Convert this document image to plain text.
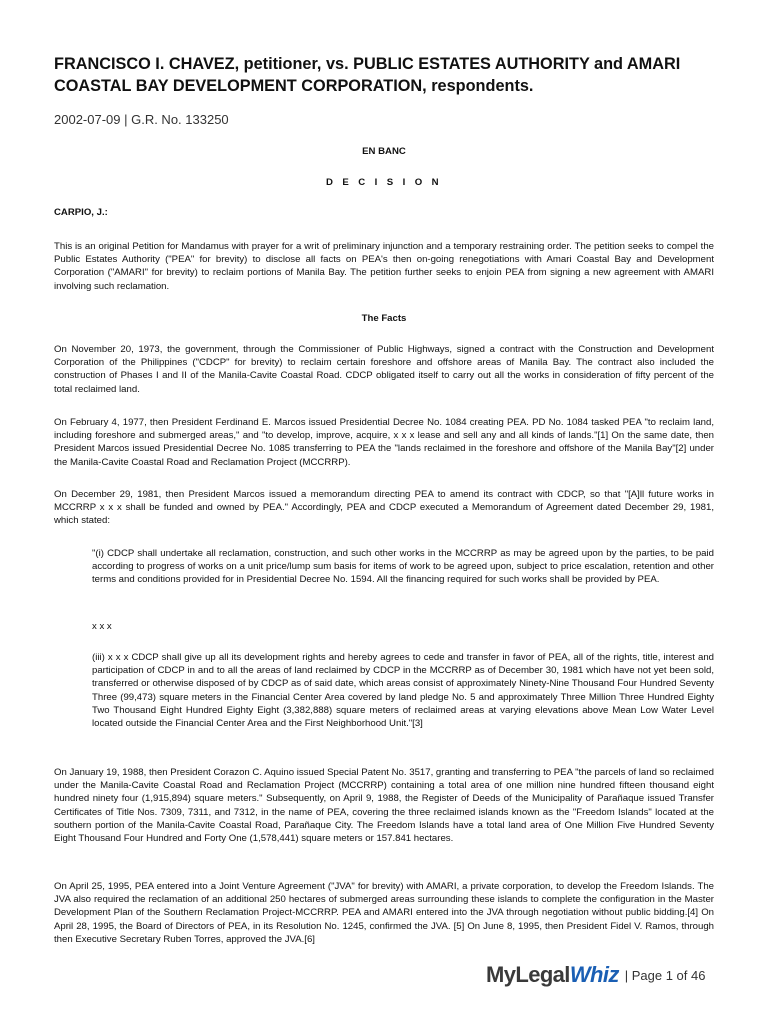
FRANCISCO I. CHAVEZ, petitioner, vs. PUBLIC ESTATES AUTHORITY and AMARI COASTAL BAY DEVELOPMENT CORPORATION, respondents.
2002-07-09 | G.R. No. 133250
EN BANC
D E C I S I O N
CARPIO, J.:

This is an original Petition for Mandamus with prayer for a writ of preliminary injunction and a temporary restraining order. The petition seeks to compel the Public Estates Authority ("PEA" for brevity) to disclose all facts on PEA's then on-going renegotiations with Amari Coastal Bay and Development Corporation ("AMARI" for brevity) to reclaim portions of Manila Bay. The petition further seeks to enjoin PEA from signing a new agreement with AMARI involving such reclamation.

The Facts

On November 20, 1973, the government, through the Commissioner of Public Highways, signed a contract with the Construction and Development Corporation of the Philippines ("CDCP" for brevity) to reclaim certain foreshore and offshore areas of Manila Bay. The contract also included the construction of Phases I and II of the Manila-Cavite Coastal Road. CDCP obligated itself to carry out all the works in consideration of fifty percent of the total reclaimed land.

On February 4, 1977, then President Ferdinand E. Marcos issued Presidential Decree No. 1084 creating PEA. PD No. 1084 tasked PEA "to reclaim land, including foreshore and submerged areas," and "to develop, improve, acquire, x x x lease and sell any and all kinds of lands."[1] On the same date, then President Marcos issued Presidential Decree No. 1085 transferring to PEA the "lands reclaimed in the foreshore and offshore of the Manila Bay"[2] under the Manila-Cavite Coastal Road and Reclamation Project (MCCRRP).

On December 29, 1981, then President Marcos issued a memorandum directing PEA to amend its contract with CDCP, so that "[A]ll future works in MCCRRP x x x shall be funded and owned by PEA." Accordingly, PEA and CDCP executed a Memorandum of Agreement dated December 29, 1981, which stated:

"(i) CDCP shall undertake all reclamation, construction, and such other works in the MCCRRP as may be agreed upon by the parties, to be paid according to progress of works on a unit price/lump sum basis for items of work to be agreed upon, subject to price escalation, retention and other terms and conditions provided for in Presidential Decree No. 1594. All the financing required for such works shall be provided by PEA.

x x x

(iii) x x x CDCP shall give up all its development rights and hereby agrees to cede and transfer in favor of PEA, all of the rights, title, interest and participation of CDCP in and to all the areas of land reclaimed by CDCP in the MCCRRP as of December 30, 1981 which have not yet been sold, transferred or otherwise disposed of by CDCP as of said date, which areas consist of approximately Ninety-Nine Thousand Four Hundred Seventy Three (99,473) square meters in the Financial Center Area covered by land pledge No. 5 and approximately Three Million Three Hundred Eighty Two Thousand Eight Hundred Eighty Eight (3,382,888) square meters of reclaimed areas at varying elevations above Mean Low Water Level located outside the Financial Center Area and the First Neighborhood Unit."[3]

On January 19, 1988, then President Corazon C. Aquino issued Special Patent No. 3517, granting and transferring to PEA "the parcels of land so reclaimed under the Manila-Cavite Coastal Road and Reclamation Project (MCCRRP) containing a total area of one million nine hundred fifteen thousand eight hundred ninety four (1,915,894) square meters." Subsequently, on April 9, 1988, the Register of Deeds of the Municipality of Parañaque issued Transfer Certificates of Title Nos. 7309, 7311, and 7312, in the name of PEA, covering the three reclaimed islands known as the "Freedom Islands" located at the southern portion of the Manila-Cavite Coastal Road, Parañaque City. The Freedom Islands have a total land area of One Million Five Hundred Seventy Eight Thousand Four Hundred and Forty One (1,578,441) square meters or 157.841 hectares.

On April 25, 1995, PEA entered into a Joint Venture Agreement ("JVA" for brevity) with AMARI, a private corporation, to develop the Freedom Islands. The JVA also required the reclamation of an additional 250 hectares of submerged areas surrounding these islands to complete the configuration in the Master Development Plan of the Southern Reclamation Project-MCCRRP. PEA and AMARI entered into the JVA through negotiation without public bidding.[4] On April 28, 1995, the Board of Directors of PEA, in its Resolution No. 1245, confirmed the JVA. [5] On June 8, 1995, then President Fidel V. Ramos, through then Executive Secretary Ruben Torres, approved the JVA.[6]

MyLegal Whiz | Page 1 of 46
